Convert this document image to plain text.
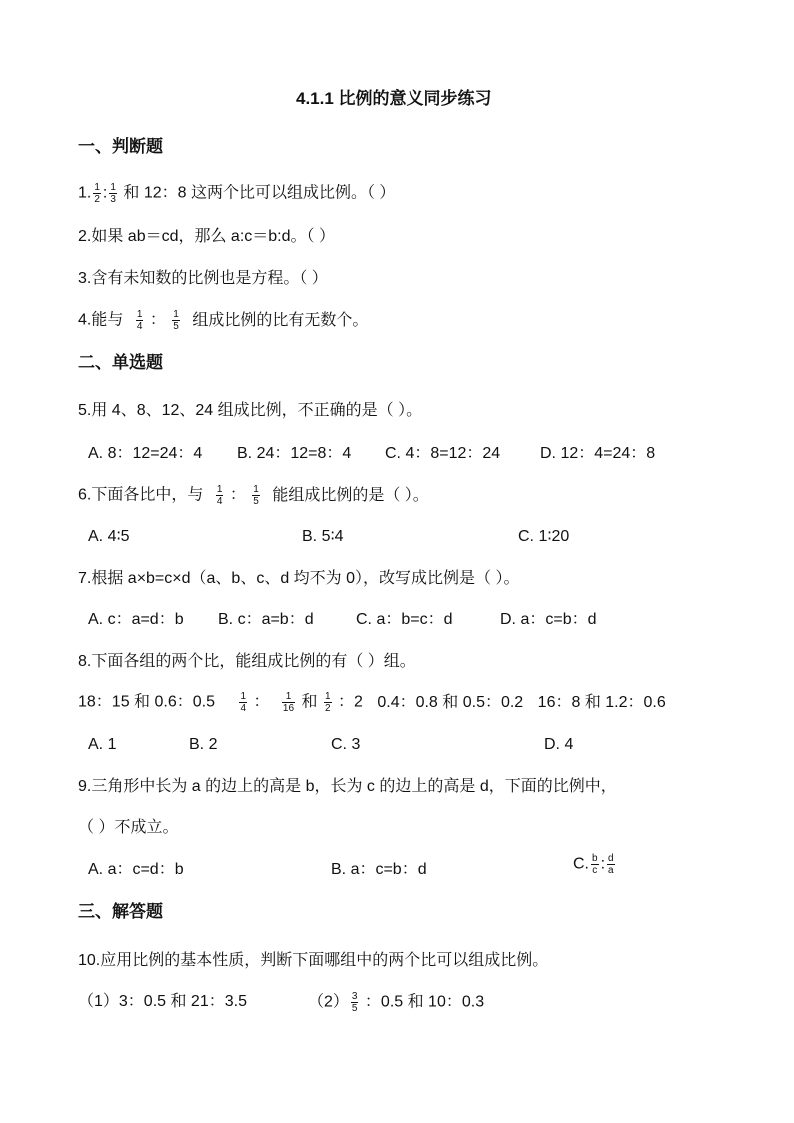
4.1.1 比例的意义同步练习
一、判断题
1. $\frac{1}{2}$ : $\frac{1}{3}$ 和 12：8 这两个比可以组成比例。（ ）
2.如果 ab＝cd，那么 a:c＝b:d。（ ）
3.含有未知数的比例也是方程。（ ）
4.能与 $\frac{1}{4}$ ： $\frac{1}{5}$ 组成比例的比有无数个。
二、单选题
5.用 4、8、12、24 组成比例，不正确的是（ ）。
A. 8：12=24：4 B. 24：12=8：4 C. 4：8=12：24 D. 12：4=24：8
6.下面各比中，与 $\frac{1}{4}$ ： $\frac{1}{5}$ 能组成比例的是（ ）。
A. 4∶5	B. 5∶4	C. 1∶20
7.根据 a×b=c×d（a、b、c、d 均不为 0），改写成比例是（ ）。
A. c：a=d：b B. c：a=b：d	C. a：b=c：d	D. a：c=b：d
8.下面各组的两个比，能组成比例的有（ ）组。
18：15 和 0.6：$0.5 \frac{1}{4}$ ： $\frac{1}{16}$ 和 $\frac{1}{2}$ ：2 0.4：0.8 和 0.5：0.2 16：8 和 1.2：0.6
A. 1	B. 2	C. 3	D. 4
9.三角形中长为 a 的边上的高是 b，长为 c 的边上的高是 d，下面的比例中，
（ ）不成立。
A. a：c=d：b	B. a：c=b：d	C. $\frac{b}{c}$ : $\frac{d}{a}$
三、解答题
10.应用比例的基本性质，判断下面哪组中的两个比可以组成比例。
（1）3：0.5 和 21：3.5	$(2) \frac{3}{5}$ ：0.5 和 10：0.3
